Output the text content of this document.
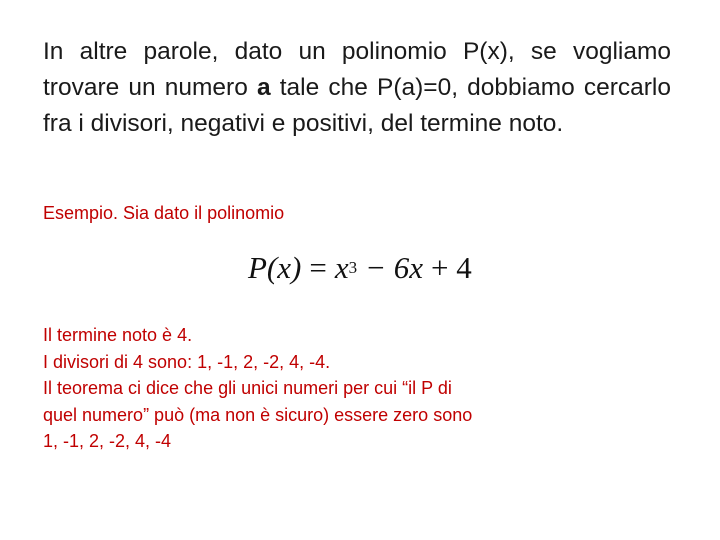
In altre parole, dato un polinomio P(x), se vogliamo trovare un numero a tale che P(a)=0, dobbiamo cercarlo fra i divisori, negativi e positivi, del termine noto.

Esempio. Sia dato il polinomio

$P(x) = x^3 - 6x + 4$
Il termine noto è 4.
I divisori di 4 sono: 1, -1, 2, -2, 4, -4.
Il teorema ci dice che gli unici numeri per cui “il P di
quel numero” può (ma non è sicuro) essere zero sono
1, -1, 2, -2, 4, -4
